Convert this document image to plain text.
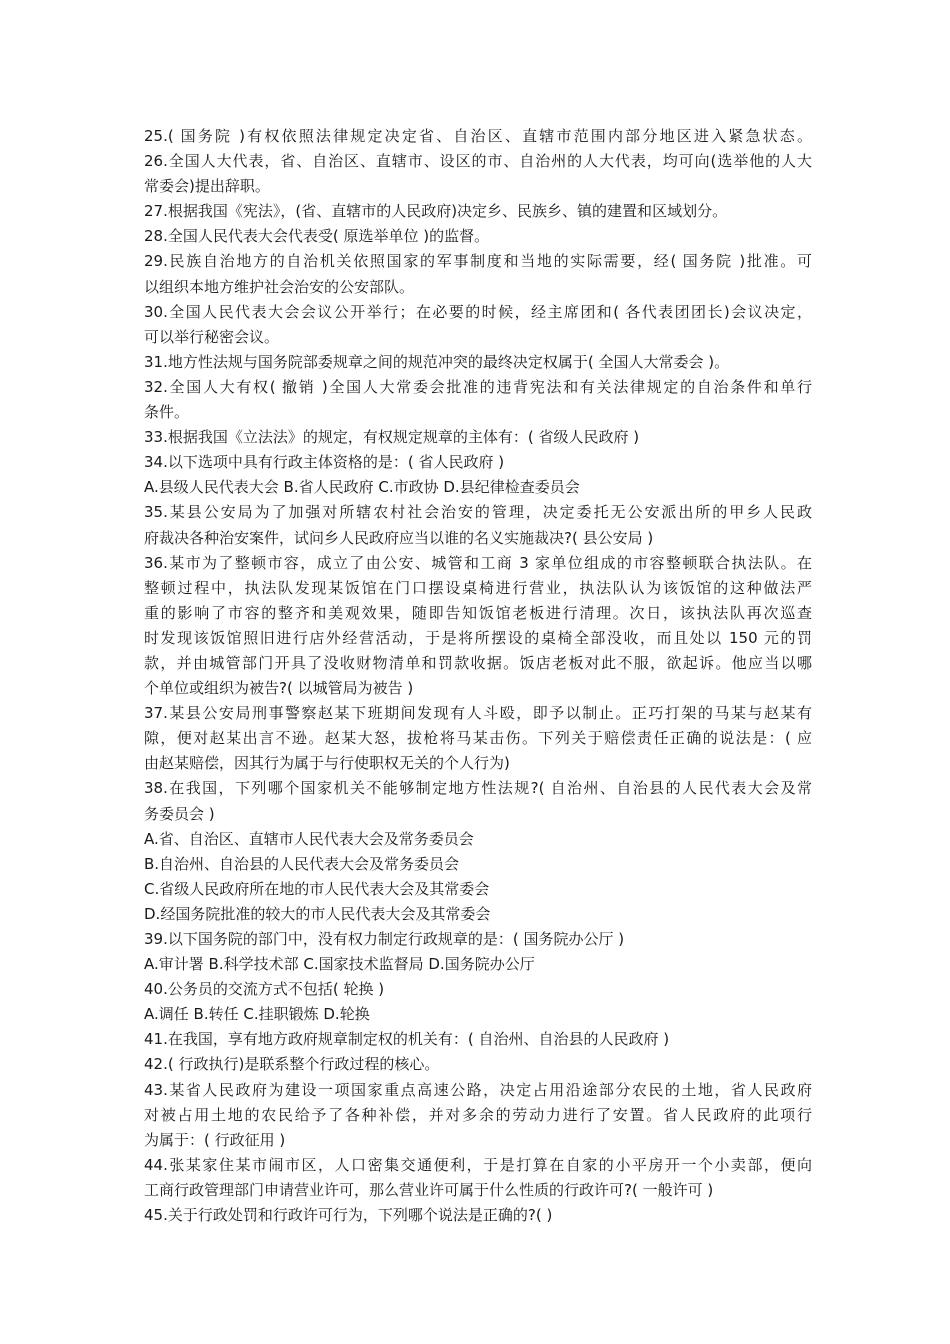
25.( 国务院 )有权依照法律规定决定省、自治区、直辖市范围内部分地区进入紧急状态。
26.全国人大代表，省、自治区、直辖市、设区的市、自治州的人大代表，均可向(选举他的人大
常委会)提出辞职。
27.根据我国《宪法》，(省、直辖市的人民政府)决定乡、民族乡、镇的建置和区域划分。
28.全国人民代表大会代表受( 原选举单位 )的监督。
29.民族自治地方的自治机关依照国家的军事制度和当地的实际需要，经( 国务院 )批准。可
以组织本地方维护社会治安的公安部队。
30.全国人民代表大会会议公开举行；在必要的时候，经主席团和( 各代表团团长)会议决定，
可以举行秘密会议。
31.地方性法规与国务院部委规章之间的规范冲突的最终决定权属于( 全国人大常委会 )。
32.全国人大有权( 撤销 )全国人大常委会批准的违背宪法和有关法律规定的自治条件和单行
条件。
33.根据我国《立法法》的规定，有权规定规章的主体有：( 省级人民政府 )
34.以下选项中具有行政主体资格的是：( 省人民政府 )
A.县级人民代表大会 B.省人民政府 C.市政协 D.县纪律检查委员会
35.某县公安局为了加强对所辖农村社会治安的管理，决定委托无公安派出所的甲乡人民政
府裁决各种治安案件，试问乡人民政府应当以谁的名义实施裁决?( 县公安局 )
36.某市为了整顿市容，成立了由公安、城管和工商 3 家单位组成的市容整顿联合执法队。在
整顿过程中，执法队发现某饭馆在门口摆设桌椅进行营业，执法队认为该饭馆的这种做法严
重的影响了市容的整齐和美观效果，随即告知饭馆老板进行清理。次日，该执法队再次巡查
时发现该饭馆照旧进行店外经营活动，于是将所摆设的桌椅全部没收，而且处以 150 元的罚
款，并由城管部门开具了没收财物清单和罚款收据。饭店老板对此不服，欲起诉。他应当以哪
个单位或组织为被告?( 以城管局为被告 )
37.某县公安局刑事警察赵某下班期间发现有人斗殴，即予以制止。正巧打架的马某与赵某有
隙，便对赵某出言不逊。赵某大怒，拔枪将马某击伤。下列关于赔偿责任正确的说法是：( 应
由赵某赔偿，因其行为属于与行使职权无关的个人行为)
38.在我国，下列哪个国家机关不能够制定地方性法规?( 自治州、自治县的人民代表大会及常
务委员会 )
A.省、自治区、直辖市人民代表大会及常务委员会
B.自治州、自治县的人民代表大会及常务委员会
C.省级人民政府所在地的市人民代表大会及其常委会
D.经国务院批准的较大的市人民代表大会及其常委会
39.以下国务院的部门中，没有权力制定行政规章的是：( 国务院办公厅 )
A.审计署 B.科学技术部 C.国家技术监督局 D.国务院办公厅
40.公务员的交流方式不包括( 轮换 )
A.调任 B.转任 C.挂职锻炼 D.轮换
41.在我国，享有地方政府规章制定权的机关有：( 自治州、自治县的人民政府 )
42.( 行政执行)是联系整个行政过程的核心。
43.某省人民政府为建设一项国家重点高速公路，决定占用沿途部分农民的土地，省人民政府
对被占用土地的农民给予了各种补偿，并对多余的劳动力进行了安置。省人民政府的此项行
为属于：( 行政征用 )
44.张某家住某市闹市区，人口密集交通便利，于是打算在自家的小平房开一个小卖部，便向
工商行政管理部门申请营业许可，那么营业许可属于什么性质的行政许可?( 一般许可 )
45.关于行政处罚和行政许可行为，下列哪个说法是正确的?( )
